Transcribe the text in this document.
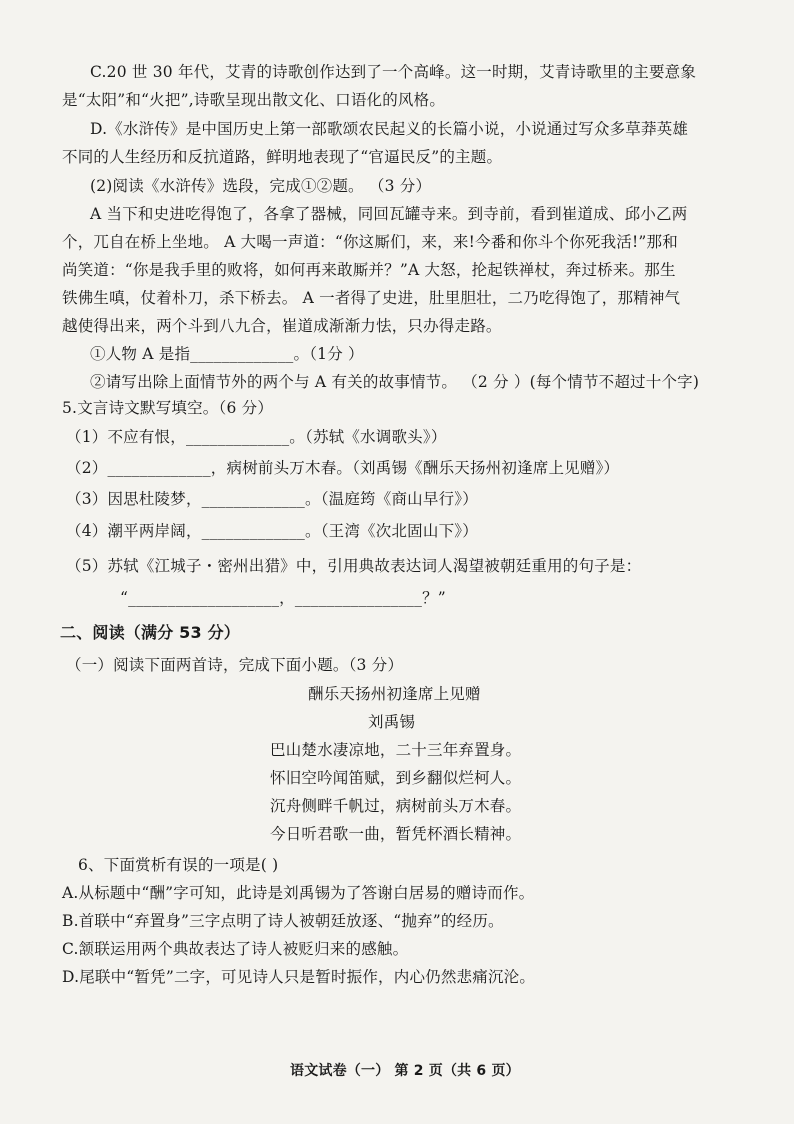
C.20 世 30 年代，艾青的诗歌创作达到了一个高峰。这一时期，艾青诗歌里的主要意象
是“太阳”和“火把”,诗歌呈现出散文化、口语化的风格。
D.《水浒传》是中国历史上第一部歌颂农民起义的长篇小说，小说通过写众多草莽英雄
不同的人生经历和反抗道路，鲜明地表现了“官逼民反”的主题。
(2)阅读《水浒传》选段，完成①②题。 （3 分）
A 当下和史进吃得饱了，各拿了器械，同回瓦罐寺来。到寺前，看到崔道成、邱小乙两
个，兀自在桥上坐地。 A 大喝一声道：“你这厮们，来，来!今番和你斗个你死我活!”那和
尚笑道：“你是我手里的败将，如何再来敢厮并？”A 大怒，抡起铁禅杖，奔过桥来。那生
铁佛生嗔，仗着朴刀，杀下桥去。 A 一者得了史进，肚里胆壮，二乃吃得饱了，那精神气
越使得出来，两个斗到八九合，崔道成渐渐力怯，只办得走路。
①人物 A 是指_____________。（1分 ）
②请写出除上面情节外的两个与 A 有关的故事情节。 （2 分 ）(每个情节不超过十个字)
5.文言诗文默写填空。（6 分）
（1）不应有恨，_____________。（苏轼《水调歌头》）
（2）_____________，病树前头万木春。（刘禹锡《酬乐天扬州初逢席上见赠》）
（3）因思杜陵梦，_____________。（温庭筠《商山早行》）
（4）潮平两岸阔，_____________。（王湾《次北固山下》）
（5）苏轼《江城子・密州出猎》中，引用典故表达词人渴望被朝廷重用的句子是：
“___________________，________________？”
二、阅读（满分 53 分）
（一）阅读下面两首诗，完成下面小题。（3 分）
酬乐天扬州初逢席上见赠
刘禹锡
巴山楚水凄凉地，二十三年弃置身。
怀旧空吟闻笛赋，到乡翻似烂柯人。
沉舟侧畔千帆过，病树前头万木春。
今日听君歌一曲，暂凭杯酒长精神。
6、下面赏析有误的一项是( )
A.从标题中“酬”字可知，此诗是刘禹锡为了答谢白居易的赠诗而作。
B.首联中“弃置身”三字点明了诗人被朝廷放逐、“抛弃”的经历。
C.颔联运用两个典故表达了诗人被贬归来的感触。
D.尾联中“暂凭”二字，可见诗人只是暂时振作，内心仍然悲痛沉沦。
语文试卷（一） 第 2 页（共 6 页）
